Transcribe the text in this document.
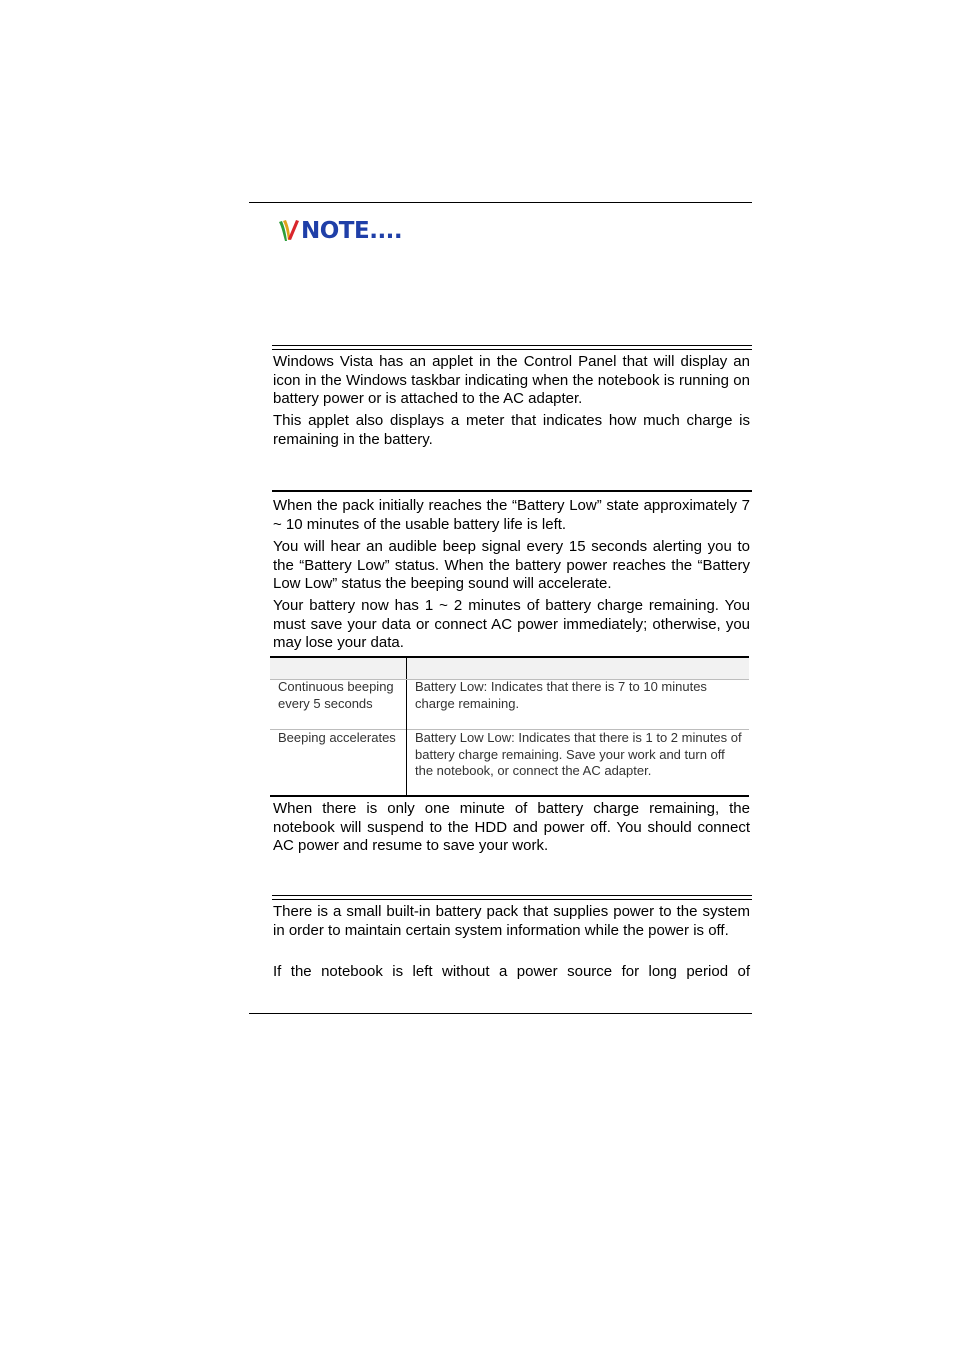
NOTE....

Windows Vista has an applet in the Control Panel that will display an icon in the Windows taskbar indicating when the notebook is running on battery power or is attached to the AC adapter.

This applet also displays a meter that indicates how much charge is remaining in the battery.

When the pack initially reaches the “Battery Low” state approximately 7 ~ 10 minutes of the usable battery life is left.

You will hear an audible beep signal every 15 seconds alerting you to the “Battery Low” status. When the battery power reaches the “Battery Low Low” status the beeping sound will accelerate.

Your battery now has 1 ~ 2 minutes of battery charge remaining. You must save your data or connect AC power immediately; otherwise, you may lose your data.

Continuous beeping every 5 seconds

Battery Low: Indicates that there is 7 to 10 minutes charge remaining.

Beeping accelerates	Battery Low Low: Indicates that there is 1 to 2 minutes of battery charge remaining. Save your work and turn off the notebook, or connect the AC adapter.

When there is only one minute of battery charge remaining, the notebook will suspend to the HDD and power off. You should connect AC power and resume to save your work.

There is a small built-in battery pack that supplies power to the system in order to maintain certain system information while the power is off.

If the notebook is left without a power source for long period of
